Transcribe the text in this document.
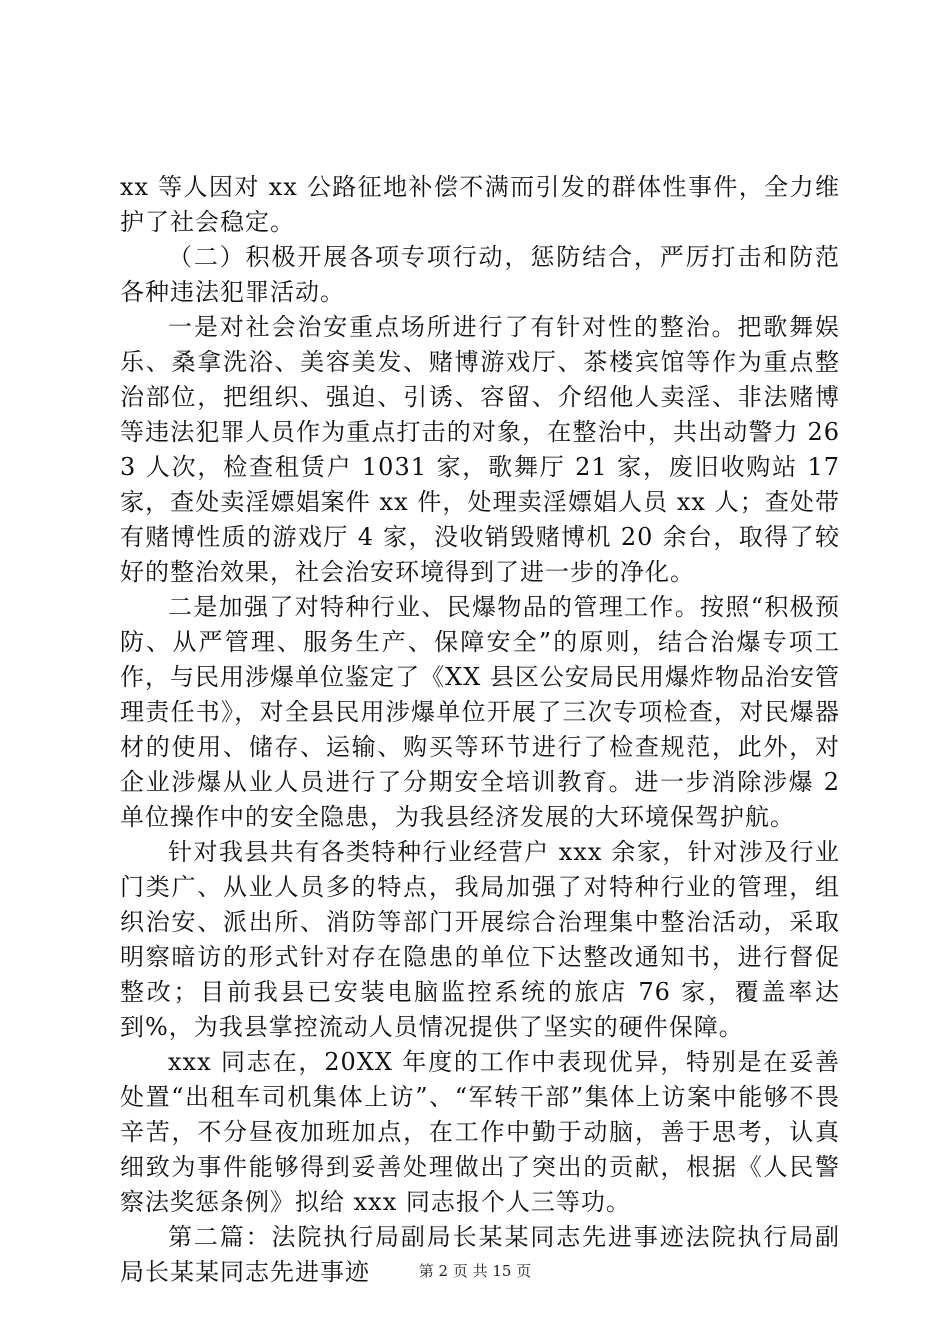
xx 等人因对 xx 公路征地补偿不满而引发的群体性事件，全力维护了社会稳定。

（二）积极开展各项专项行动，惩防结合，严厉打击和防范各种违法犯罪活动。

一是对社会治安重点场所进行了有针对性的整治。把歌舞娱乐、桑拿洗浴、美容美发、赌博游戏厅、茶楼宾馆等作为重点整治部位，把组织、强迫、引诱、容留、介绍他人卖淫、非法赌博等违法犯罪人员作为重点打击的对象，在整治中，共出动警力 263 人次，检查租赁户 1031 家，歌舞厅 21 家，废旧收购站 17 家，查处卖淫嫖娼案件 xx 件，处理卖淫嫖娼人员 xx 人；查处带有赌博性质的游戏厅 4 家，没收销毁赌博机 20 余台，取得了较好的整治效果，社会治安环境得到了进一步的净化。

二是加强了对特种行业、民爆物品的管理工作。按照“积极预防、从严管理、服务生产、保障安全”的原则，结合治爆专项工作，与民用涉爆单位鉴定了《XX 县区公安局民用爆炸物品治安管理责任书》，对全县民用涉爆单位开展了三次专项检查，对民爆器材的使用、储存、运输、购买等环节进行了检查规范，此外，对企业涉爆从业人员进行了分期安全培训教育。进一步消除涉爆 2 单位操作中的安全隐患，为我县经济发展的大环境保驾护航。

针对我县共有各类特种行业经营户 xxx 余家，针对涉及行业门类广、从业人员多的特点，我局加强了对特种行业的管理，组织治安、派出所、消防等部门开展综合治理集中整治活动，采取明察暗访的形式针对存在隐患的单位下达整改通知书，进行督促整改；目前我县已安装电脑监控系统的旅店 76 家，覆盖率达到%，为我县掌控流动人员情况提供了坚实的硬件保障。

xxx 同志在，20XX 年度的工作中表现优异，特别是在妥善处置“出租车司机集体上访”、“军转干部”集体上访案中能够不畏辛苦，不分昼夜加班加点，在工作中勤于动脑，善于思考，认真细致为事件能够得到妥善处理做出了突出的贡献，根据《人民警察法奖惩条例》拟给 xxx 同志报个人三等功。

第二篇：法院执行局副局长某某同志先进事迹法院执行局副局长某某同志先进事迹	第 2 页 共 15 页
